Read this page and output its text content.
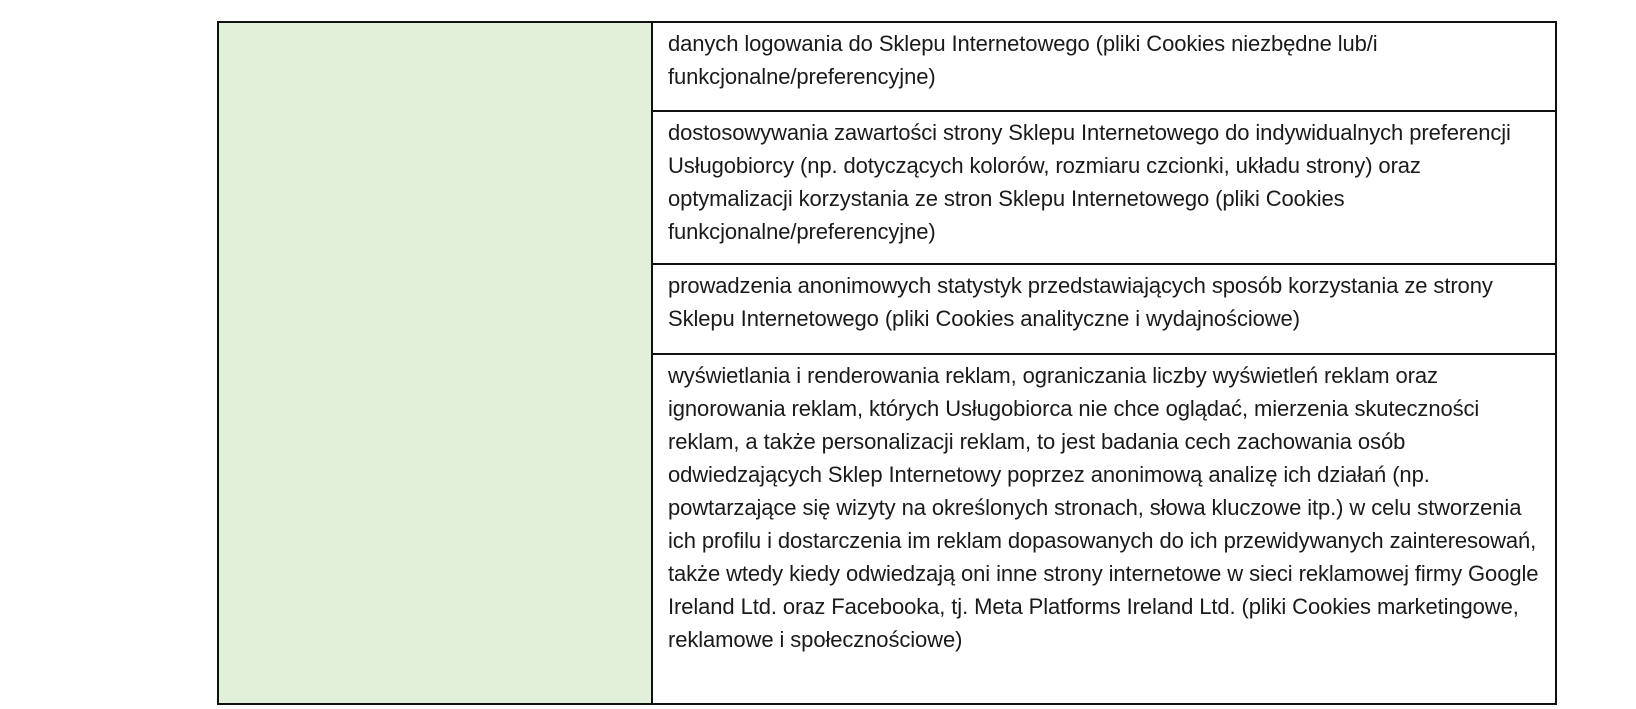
danych logowania do Sklepu Internetowego (pliki Cookies niezbędne lub/i funkcjonalne/preferencyjne)

dostosowywania zawartości strony Sklepu Internetowego do indywidualnych preferencji Usługobiorcy (np. dotyczących kolorów, rozmiaru czcionki, układu strony) oraz optymalizacji korzystania ze stron Sklepu Internetowego (pliki Cookies funkcjonalne/preferencyjne)

prowadzenia anonimowych statystyk przedstawiających sposób korzystania ze strony Sklepu Internetowego (pliki Cookies analityczne i wydajnościowe)

wyświetlania i renderowania reklam, ograniczania liczby wyświetleń reklam oraz ignorowania reklam, których Usługobiorca nie chce oglądać, mierzenia skuteczności reklam, a także personalizacji reklam, to jest badania cech zachowania osób odwiedzających Sklep Internetowy poprzez anonimową analizę ich działań (np. powtarzające się wizyty na określonych stronach, słowa kluczowe itp.) w celu stworzenia ich profilu i dostarczenia im reklam dopasowanych do ich przewidywanych zainteresowań, także wtedy kiedy odwiedzają oni inne strony internetowe w sieci reklamowej firmy Google Ireland Ltd. oraz Facebooka, tj. Meta Platforms Ireland Ltd. (pliki Cookies marketingowe, reklamowe i społecznościowe)
